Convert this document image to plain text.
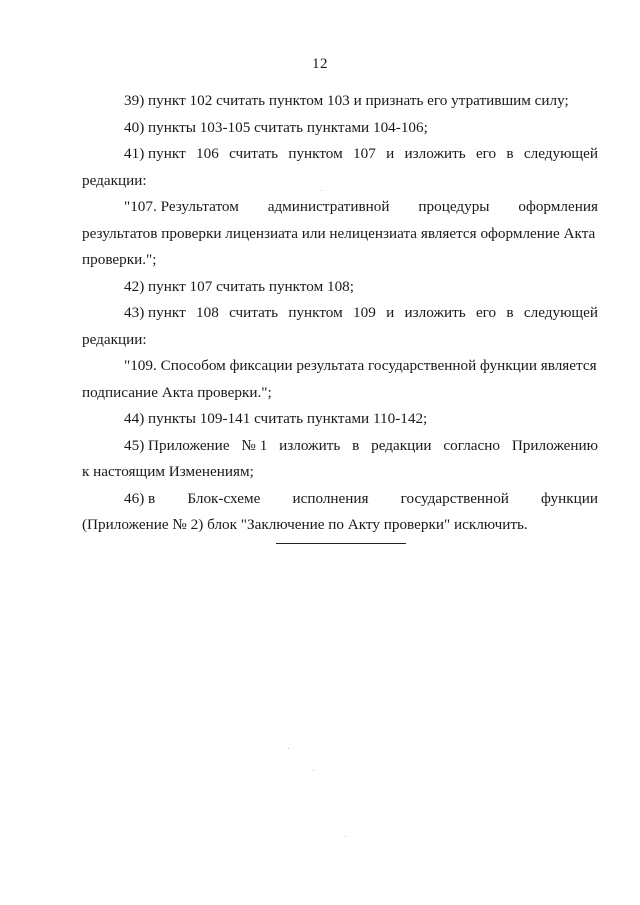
12
39) пункт 102 считать пунктом 103 и признать его утратившим силу;
40) пункты 103-105 считать пунктами 104-106;
41) пункт 106 считать пунктом 107 и изложить его в следующей
редакции:
"107. Результатом административной процедуры оформления
результатов проверки лицензиата или нелицензиата является оформление Акта
проверки.";
42) пункт 107 считать пунктом 108;
43) пункт 108 считать пунктом 109 и изложить его в следующей
редакции:
"109. Способом фиксации результата государственной функции является
подписание Акта проверки.";
44) пункты 109-141 считать пунктами 110-142;
45) Приложение № 1 изложить в редакции согласно Приложению
к настоящим Изменениям;
46) в Блок-схеме исполнения государственной функции
(Приложение № 2) блок "Заключение по Акту проверки" исключить.
